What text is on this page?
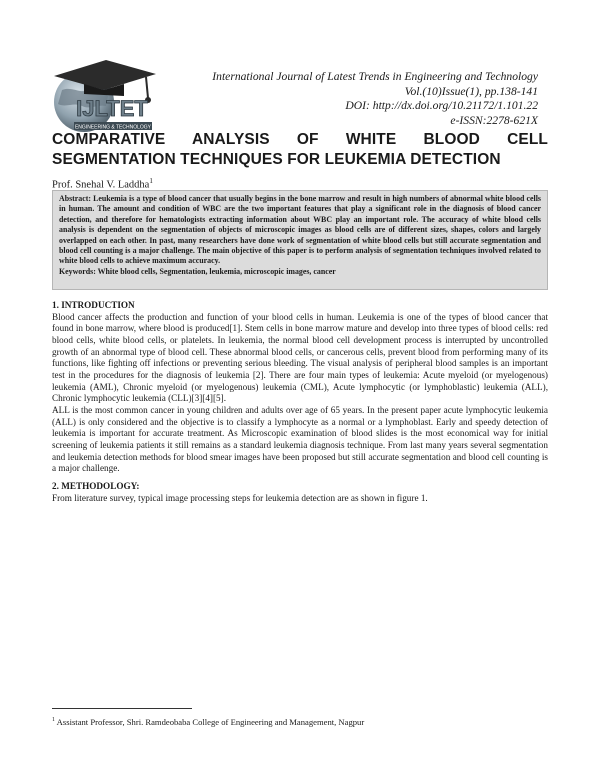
IJLTET
ENGINEERING & TECHNOLOGY
International Journal of Latest Trends in Engineering and Technology
Vol.(10)Issue(1), pp.138-141
DOI: http://dx.doi.org/10.21172/1.101.22
e-ISSN:2278-621X
COMPARATIVE ANALYSIS OF WHITE BLOOD CELL
SEGMENTATION TECHNIQUES FOR LEUKEMIA DETECTION
Prof. Snehal V. Laddha$^1$

Abstract: Leukemia is a type of blood cancer that usually begins in the bone marrow and result in high numbers of abnormal white blood cells in human. The amount and condition of WBC are the two important features that play a significant role in the diagnosis of blood cancer detection, and therefore for hematologists extracting information about WBC play an important role. The accuracy of white blood cells analysis is dependent on the segmentation of objects of microscopic images as blood cells are of different sizes, shapes, colors and largely overlapped on each other. In past, many researchers have done work of segmentation of white blood cells but still accurate segmentation and blood cell counting is a major challenge. The main objective of this paper is to perform analysis of segmentation techniques involved related to white blood cells to achieve maximum accuracy.

Keywords: White blood cells, Segmentation, leukemia, microscopic images, cancer

1. INTRODUCTION

Blood cancer affects the production and function of your blood cells in human. Leukemia is one of the types of blood cancer that found in bone marrow, where blood is produced[1]. Stem cells in bone marrow mature and develop into three types of blood cells: red blood cells, white blood cells, or platelets. In leukemia, the normal blood cell development process is interrupted by uncontrolled growth of an abnormal type of blood cell. These abnormal blood cells, or cancerous cells, prevent blood from performing many of its functions, like fighting off infections or preventing serious bleeding. The visual analysis of peripheral blood samples is an important test in the procedures for the diagnosis of leukemia [2]. There are four main types of leukemia: Acute myeloid (or myelogenous) leukemia (AML), Chronic myeloid (or myelogenous) leukemia (CML), Acute lymphocytic (or lymphoblastic) leukemia (ALL), Chronic lymphocytic leukemia (CLL)[3][4][5].

ALL is the most common cancer in young children and adults over age of 65 years. In the present paper acute lymphocytic leukemia (ALL) is only considered and the objective is to classify a lymphocyte as a normal or a lymphoblast. Early and speedy detection of leukemia is important for accurate treatment. As Microscopic examination of blood slides is the most economical way for initial screening of leukemia patients it still remains as a standard leukemia diagnosis technique. From last many years several segmentation and leukemia detection methods for blood smear images have been proposed but still accurate segmentation and blood cell counting is a major challenge.

2. METHODOLOGY:

From literature survey, typical image processing steps for leukemia detection are as shown in figure 1.

$^1$ Assistant Professor, Shri. Ramdeobaba College of Engineering and Management, Nagpur
